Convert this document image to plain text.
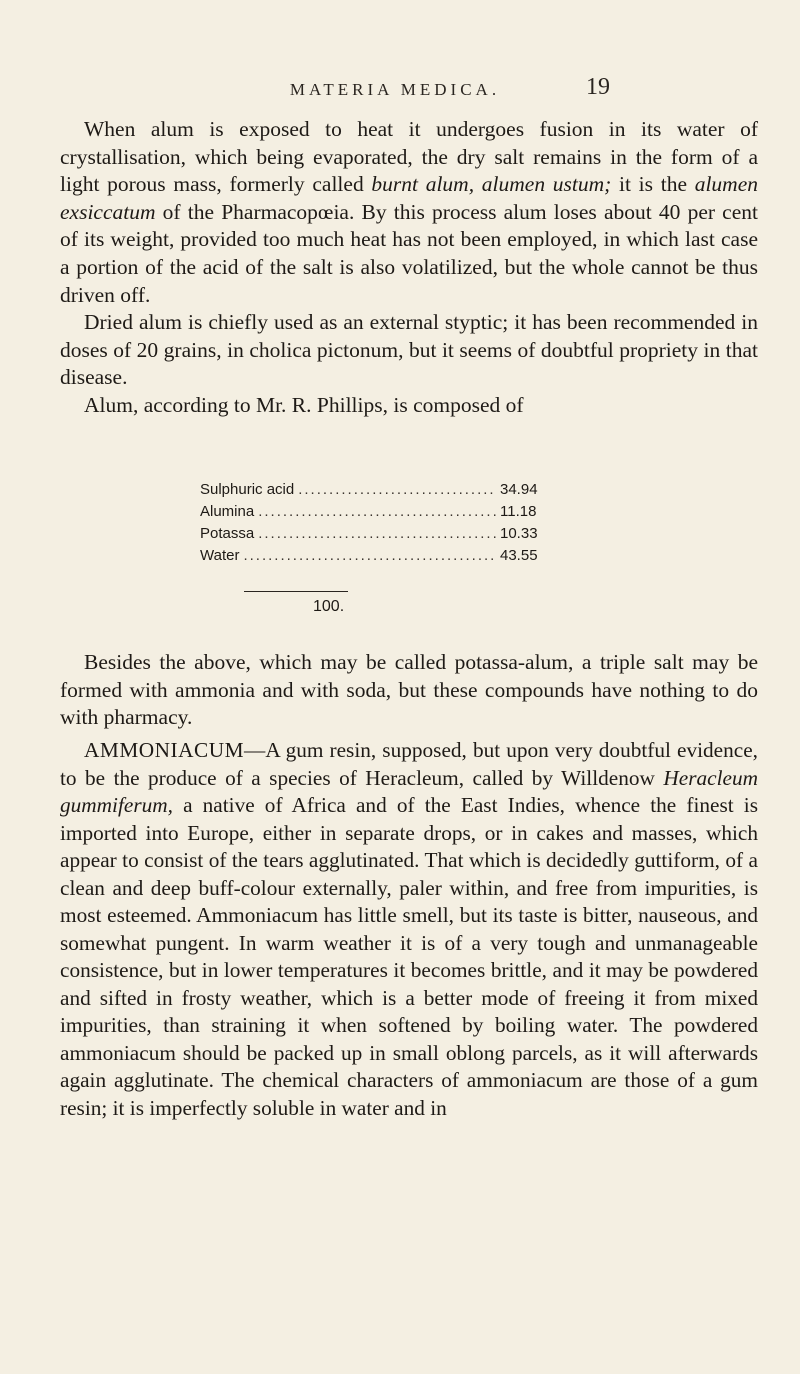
MATERIA MEDICA.	19

When alum is exposed to heat it undergoes fusion in its water of crystallisation, which being evaporated, the dry salt remains in the form of a light porous mass, formerly called burnt alum, alumen ustum; it is the alumen exsiccatum of the Pharmacopœia. By this process alum loses about 40 per cent of its weight, provided too much heat has not been employed, in which last case a portion of the acid of the salt is also volatilized, but the whole cannot be thus driven off.

Dried alum is chiefly used as an external styptic; it has been recommended in doses of 20 grains, in cholica pictonum, but it seems of doubtful propriety in that disease.

Alum, according to Mr. R. Phillips, is composed of

Sulphuric acid .....	34.94
Alumina .....	11.18
Potassa .....	10.33
Water .....	43.55
100.

Besides the above, which may be called potassa-alum, a triple salt may be formed with ammonia and with soda, but these compounds have nothing to do with pharmacy.

AMMONIACUM—A gum resin, supposed, but upon very doubtful evidence, to be the produce of a species of Heracleum, called by Willdenow Heracleum gummiferum, a native of Africa and of the East Indies, whence the finest is imported into Europe, either in separate drops, or in cakes and masses, which appear to consist of the tears agglutinated. That which is decidedly guttiform, of a clean and deep buff-colour externally, paler within, and free from impurities, is most esteemed. Ammoniacum has little smell, but its taste is bitter, nauseous, and somewhat pungent. In warm weather it is of a very tough and unmanageable consistence, but in lower temperatures it becomes brittle, and it may be powdered and sifted in frosty weather, which is a better mode of freeing it from mixed impurities, than straining it when softened by boiling water. The powdered ammoniacum should be packed up in small oblong parcels, as it will afterwards again agglutinate. The chemical characters of ammoniacum are those of a gum resin; it is imperfectly soluble in water and in
